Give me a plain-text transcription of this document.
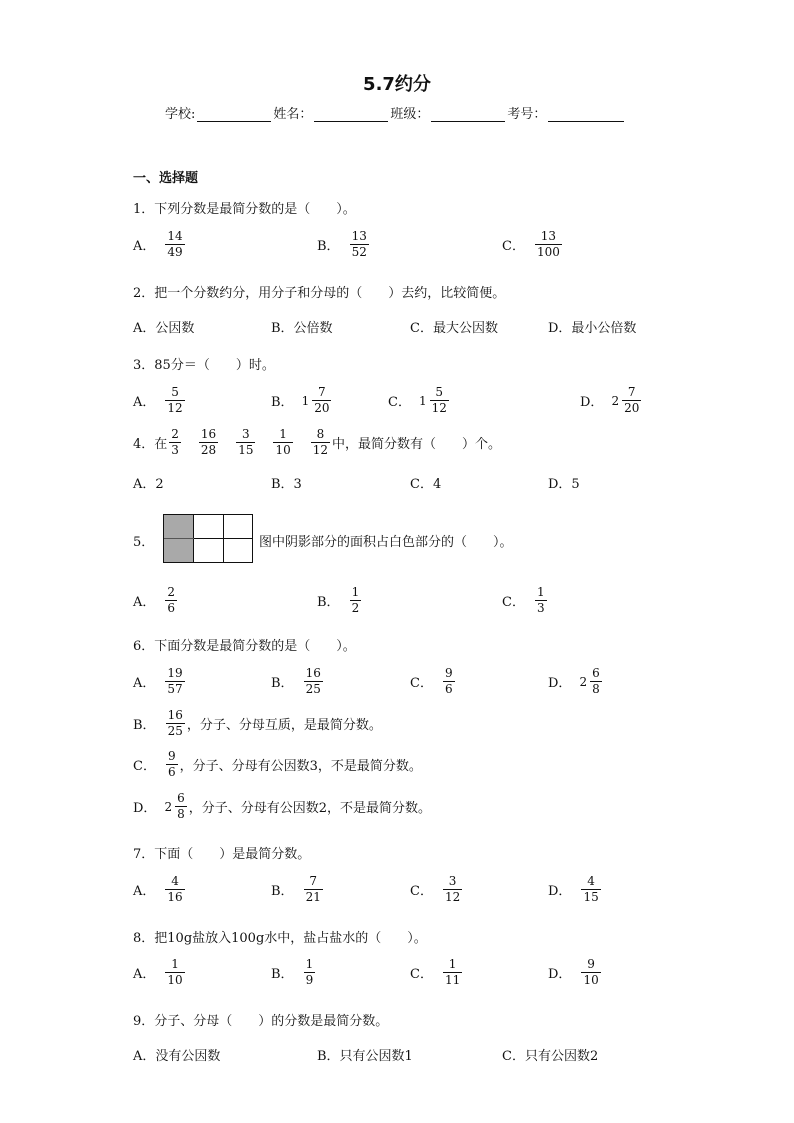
5.7约分
学校:	姓名：	班级：	考号：
一、选择题
1．下列分数是最简分数的是（　　）。
A． $\frac{14}{49}$	B． $\frac{13}{52}$	C． $\frac{13}{100}$
2．把一个分数约分，用分子和分母的（　　）去约，比较简便。
A．公因数	B．公倍数	C．最大公因数	D．最小公倍数
3．85分＝（　　）时。
A． $\frac{5}{12}$	B． $1 \frac{7}{20}$	C． $1 \frac{5}{12}$	D． $2 \frac{7}{20}$
4．在 $\frac{2}{3} \frac{16}{28} \frac{3}{15} \frac{1}{10} \frac{8}{12}$ 中，最简分数有（　　）个。
A．2	B．3	C．4	D．5
5．	图中阴影部分的面积占白色部分的（　　）。
A． $\frac{2}{6}$	B． $\frac{1}{2}$	C． $\frac{1}{3}$
6．下面分数是最简分数的是（　　）。
A． $\frac{19}{57}$	B． $\frac{16}{25}$	C． $\frac{9}{6}$	D． $2 \frac{6}{8}$
B． $\frac{16}{25}$ ，分子、分母互质，是最简分数。
C． $\frac{9}{6}$ ，分子、分母有公因数3，不是最简分数。
D． $2 \frac{6}{8}$ ，分子、分母有公因数2，不是最简分数。
7．下面（　　）是最简分数。
A． $\frac{4}{16}$	B． $\frac{7}{21}$	C． $\frac{3}{12}$	D． $\frac{4}{15}$
8．把10g盐放入100g水中，盐占盐水的（　　）。
A． $\frac{1}{10}$	B． $\frac{1}{9}$	C． $\frac{1}{11}$	D． $\frac{9}{10}$
9．分子、分母（　　）的分数是最简分数。
A．没有公因数	B．只有公因数1	C．只有公因数2
